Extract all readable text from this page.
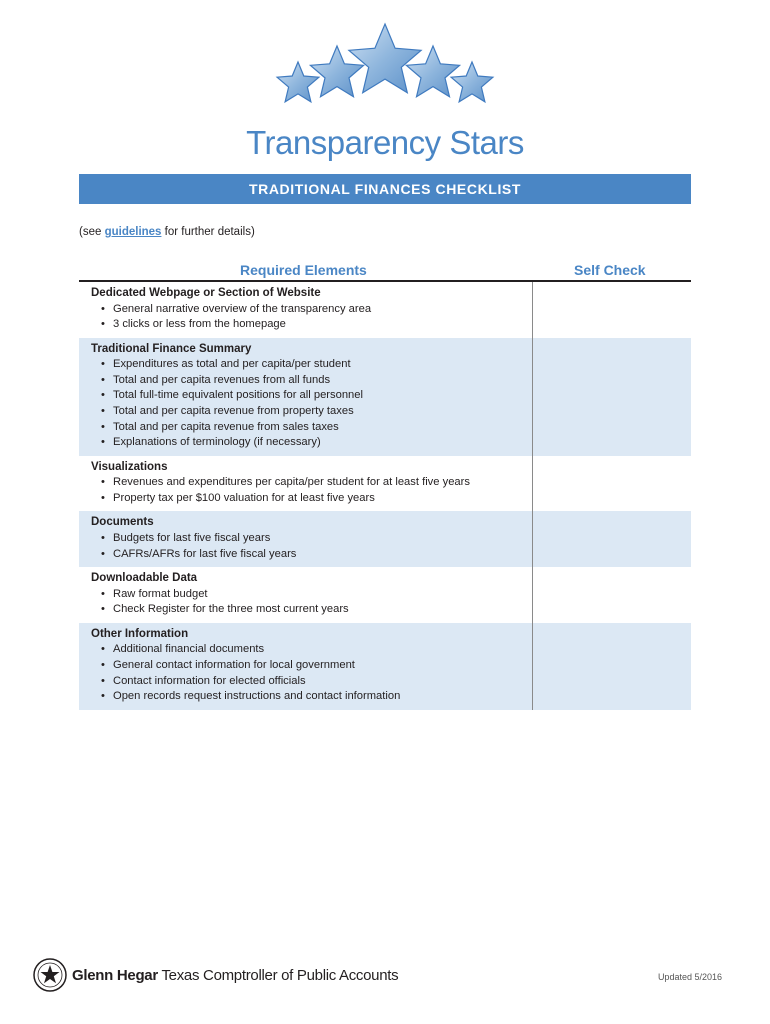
Transparency Stars
TRADITIONAL FINANCES CHECKLIST
(see guidelines for further details)
Required Elements	Self Check
Dedicated Webpage or Section of Website
• General narrative overview of the transparency area
• 3 clicks or less from the homepage
Traditional Finance Summary
• Expenditures as total and per capita/per student
• Total and per capita revenues from all funds
• Total full-time equivalent positions for all personnel
• Total and per capita revenue from property taxes
• Total and per capita revenue from sales taxes
• Explanations of terminology (if necessary)
Visualizations
• Revenues and expenditures per capita/per student for at least five years
• Property tax per $100 valuation for at least five years
Documents
• Budgets for last five fiscal years
• CAFRs/AFRs for last five fiscal years
Downloadable Data
• Raw format budget
• Check Register for the three most current years
Other Information
• Additional financial documents
• General contact information for local government
• Contact information for elected officials
• Open records request instructions and contact information
Glenn Hegar Texas Comptroller of Public Accounts	Updated 5/2016
